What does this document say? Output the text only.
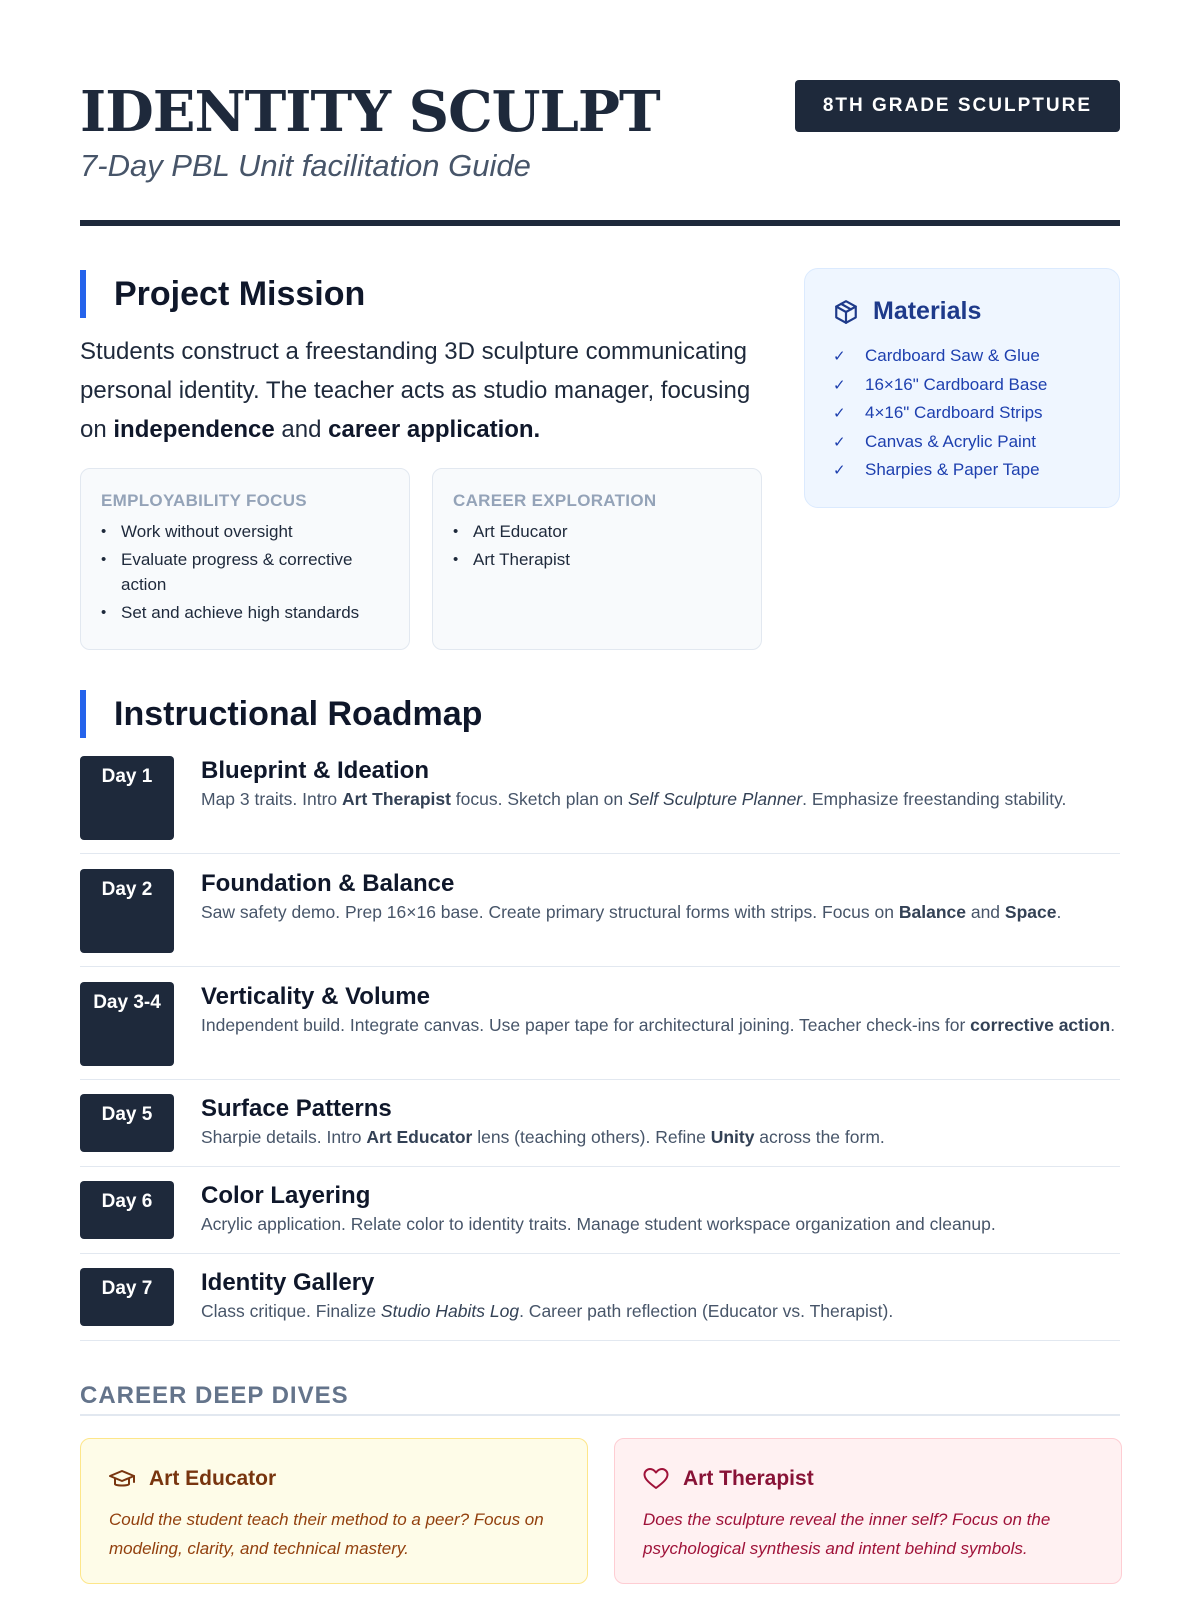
IDENTITY SCULPT
7-Day PBL Unit facilitation Guide
8TH GRADE SCULPTURE
Project Mission
Students construct a freestanding 3D sculpture communicating personal identity. The teacher acts as studio manager, focusing on independence and career application.
EMPLOYABILITY FOCUS
• Work without oversight
• Evaluate progress & corrective action
• Set and achieve high standards
CAREER EXPLORATION
• Art Educator
• Art Therapist
Materials
✓	Cardboard Saw & Glue
✓	16×16" Cardboard Base
✓	4×16" Cardboard Strips
✓	Canvas & Acrylic Paint
✓	Sharpies & Paper Tape
Instructional Roadmap
Day 1	Blueprint & Ideation
Map 3 traits. Intro Art Therapist focus. Sketch plan on Self Sculpture Planner. Emphasize freestanding stability.
Day 2	Foundation & Balance
Saw safety demo. Prep 16×16 base. Create primary structural forms with strips. Focus on Balance and Space.
Day 3-4	Verticality & Volume
Independent build. Integrate canvas. Use paper tape for architectural joining. Teacher check-ins for corrective action.
Day 5	Surface Patterns
Sharpie details. Intro Art Educator lens (teaching others). Refine Unity across the form.
Day 6	Color Layering
Acrylic application. Relate color to identity traits. Manage student workspace organization and cleanup.
Day 7	Identity Gallery
Class critique. Finalize Studio Habits Log. Career path reflection (Educator vs. Therapist).
CAREER DEEP DIVES
Art Educator
Could the student teach their method to a peer? Focus on modeling, clarity, and technical mastery.
Art Therapist
Does the sculpture reveal the inner self? Focus on the psychological synthesis and intent behind symbols.
